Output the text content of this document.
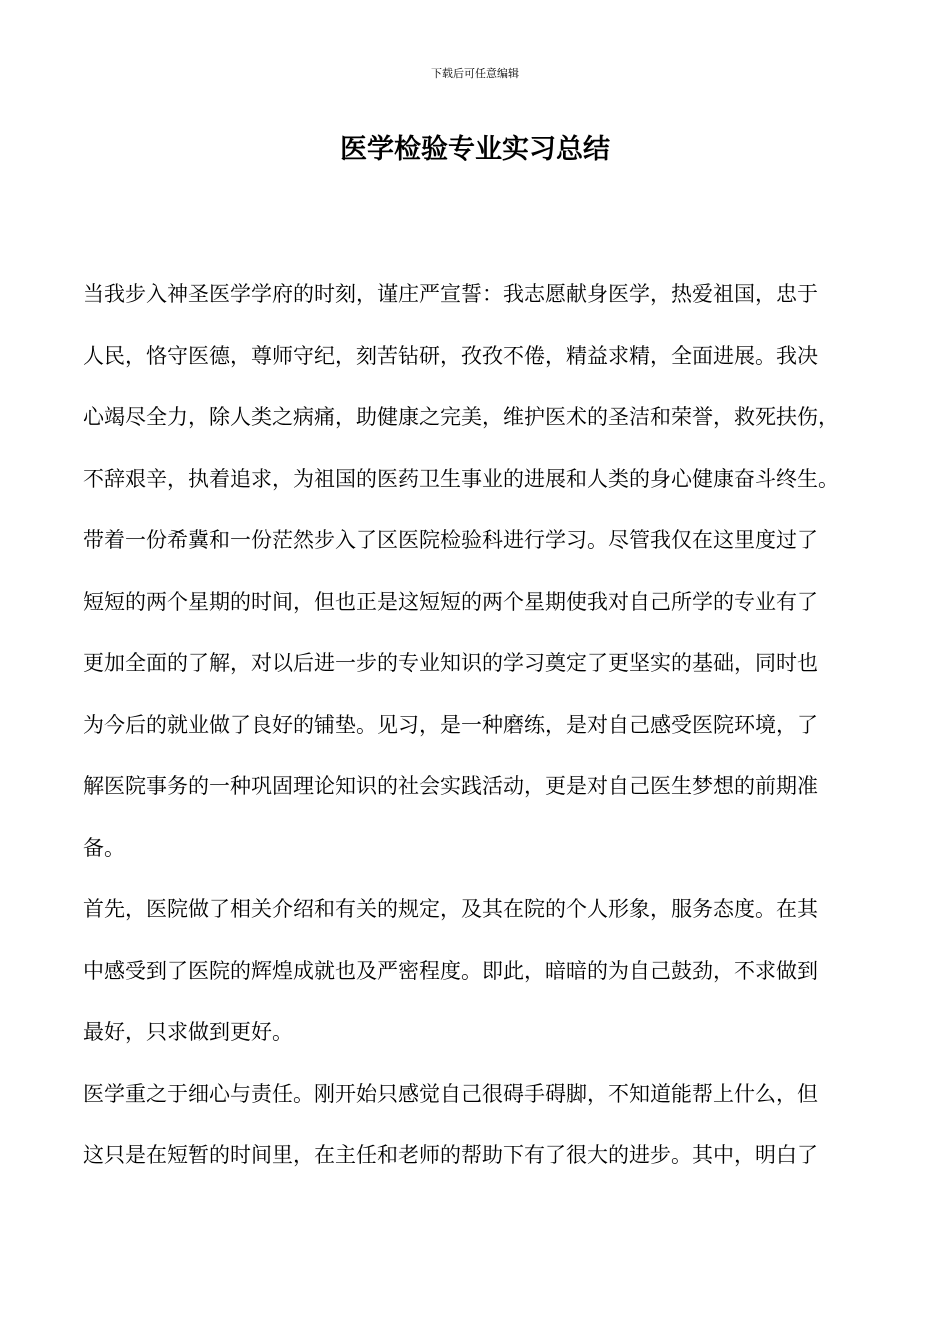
下载后可任意编辑
医学检验专业实习总结
当我步入神圣医学学府的时刻，谨庄严宣誓：我志愿献身医学，热爱祖国，忠于
人民，恪守医德，尊师守纪，刻苦钻研，孜孜不倦，精益求精，全面进展。我决
心竭尽全力，除人类之病痛，助健康之完美，维护医术的圣洁和荣誉，救死扶伤，
不辞艰辛，执着追求，为祖国的医药卫生事业的进展和人类的身心健康奋斗终生。
带着一份希冀和一份茫然步入了区医院检验科进行学习。尽管我仅在这里度过了
短短的两个星期的时间，但也正是这短短的两个星期使我对自己所学的专业有了
更加全面的了解，对以后进一步的专业知识的学习奠定了更坚实的基础，同时也
为今后的就业做了良好的铺垫。见习，是一种磨练，是对自己感受医院环境，了
解医院事务的一种巩固理论知识的社会实践活动，更是对自己医生梦想的前期准
备。
首先，医院做了相关介绍和有关的规定，及其在院的个人形象，服务态度。在其
中感受到了医院的辉煌成就也及严密程度。即此，暗暗的为自己鼓劲，不求做到
最好，只求做到更好。
医学重之于细心与责任。刚开始只感觉自己很碍手碍脚，不知道能帮上什么，但
这只是在短暂的时间里，在主任和老师的帮助下有了很大的进步。其中，明白了
